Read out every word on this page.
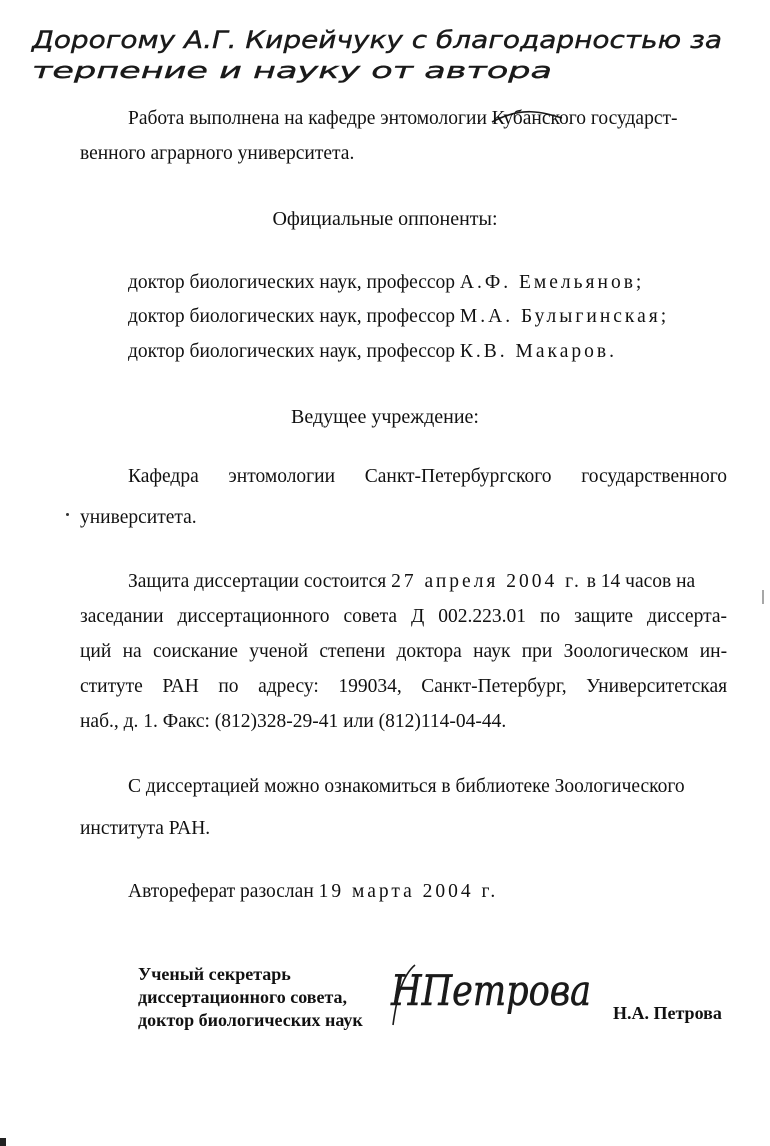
Дорогому А.Г. Кирейчуку с благодарностью за
терпение и науку от автора
Работа выполнена на кафедре энтомологии Кубанского государст-
венного аграрного университета.
Официальные оппоненты:
доктор биологических наук, профессор А.Ф. Емельянов;
доктор биологических наук, профессор М.А. Булыгинская;
доктор биологических наук, профессор К.В. Макаров.
Ведущее учреждение:
Кафедра энтомологии Санкт-Петербургского государственного
университета.
Защита диссертации состоится 27 апреля 2004 г. в 14 часов на
заседании диссертационного совета Д 002.223.01 по защите диссерта-
ций на соискание ученой степени доктора наук при Зоологическом ин-
ституте РАН по адресу: 199034, Санкт-Петербург, Университетская
наб., д. 1. Факс: (812)328-29-41 или (812)114-04-44.
С диссертацией можно ознакомиться в библиотеке Зоологического
института РАН.
Автореферат разослан 19 марта 2004 г.
Ученый секретарь
диссертационного совета,
доктор биологических наук
НПетрова Н.А. Петрова
